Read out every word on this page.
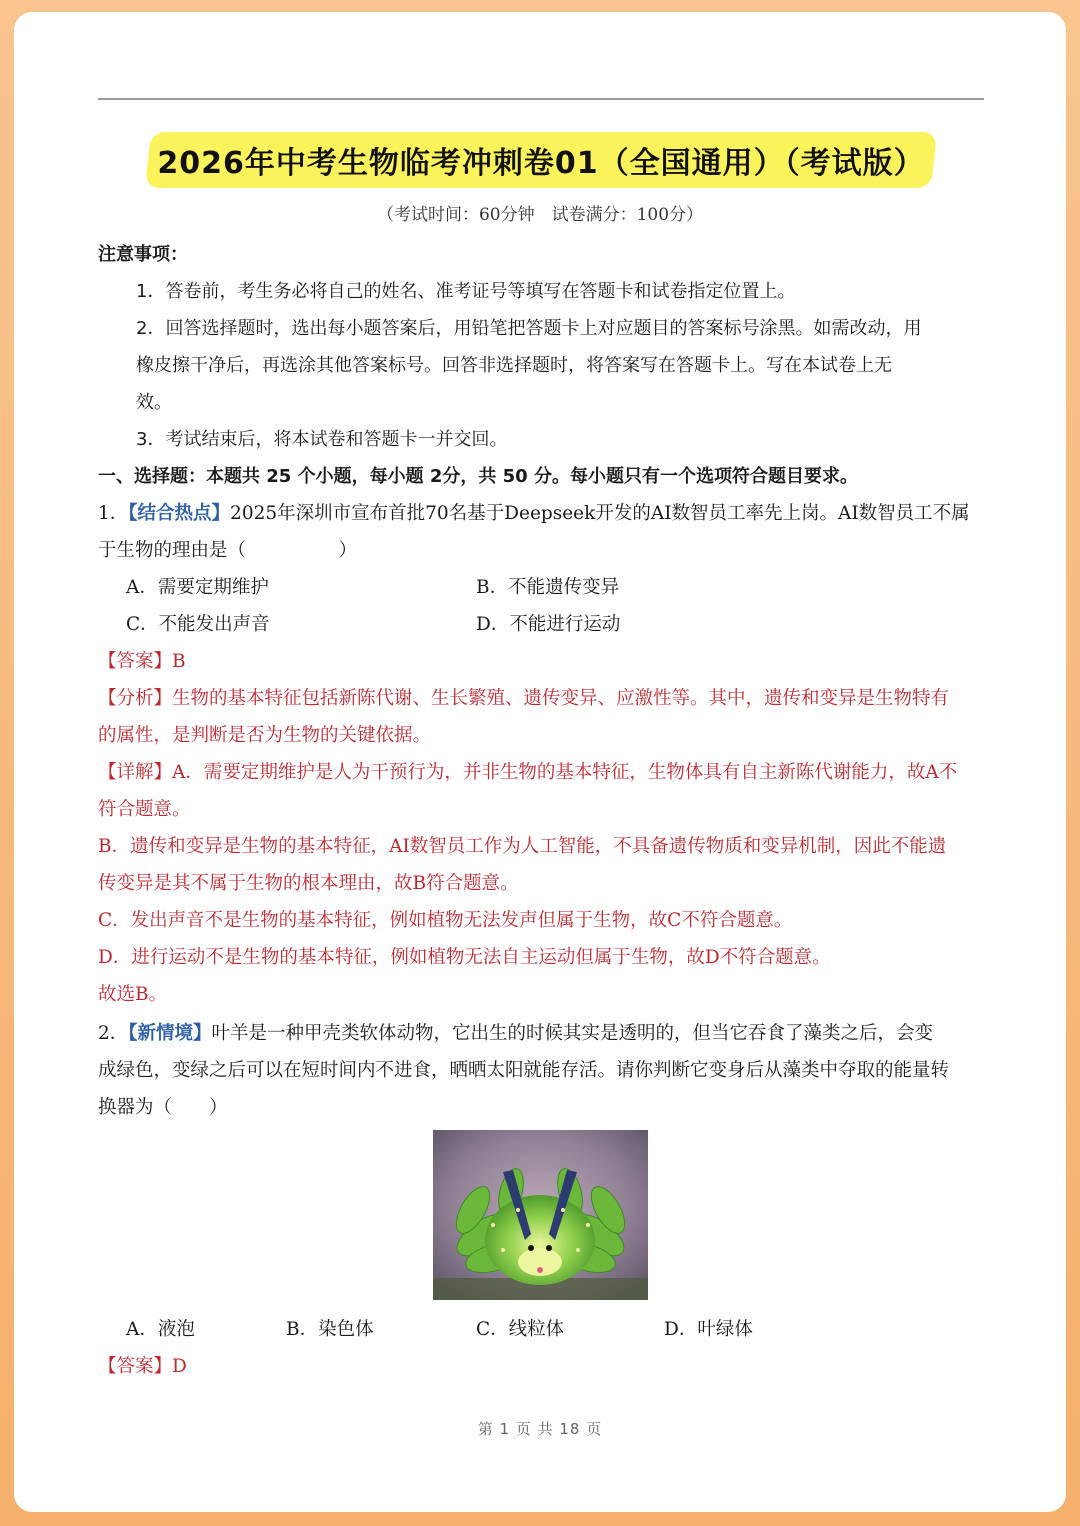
2026年中考生物临考冲刺卷01（全国通用）（考试版）
（考试时间：60分钟　试卷满分：100分）
注意事项：
1．答卷前，考生务必将自己的姓名、准考证号等填写在答题卡和试卷指定位置上。
2．回答选择题时，选出每小题答案后，用铅笔把答题卡上对应题目的答案标号涂黑。如需改动，用
橡皮擦干净后，再选涂其他答案标号。回答非选择题时，将答案写在答题卡上。写在本试卷上无
效。
3．考试结束后，将本试卷和答题卡一并交回。
一、选择题：本题共 25 个小题，每小题 2分，共 50 分。每小题只有一个选项符合题目要求。
1．【结合热点】2025年深圳市宣布首批70名基于Deepseek开发的AI数智员工率先上岗。AI数智员工不属
于生物的理由是（　　　　　）
A．需要定期维护	B．不能遗传变异
C．不能发出声音	D．不能进行运动
【答案】B
【分析】生物的基本特征包括新陈代谢、生长繁殖、遗传变异、应激性等。其中，遗传和变异是生物特有
的属性，是判断是否为生物的关键依据。
【详解】A．需要定期维护是人为干预行为，并非生物的基本特征，生物体具有自主新陈代谢能力，故A不
符合题意。
B．遗传和变异是生物的基本特征，AI数智员工作为人工智能，不具备遗传物质和变异机制，因此不能遗
传变异是其不属于生物的根本理由，故B符合题意。
C．发出声音不是生物的基本特征，例如植物无法发声但属于生物，故C不符合题意。
D．进行运动不是生物的基本特征，例如植物无法自主运动但属于生物，故D不符合题意。
故选B。
2．【新情境】叶羊是一种甲壳类软体动物，它出生的时候其实是透明的，但当它吞食了藻类之后，会变
成绿色，变绿之后可以在短时间内不进食，晒晒太阳就能存活。请你判断它变身后从藻类中夺取的能量转
换器为（　　）
A．液泡	B．染色体	C．线粒体	D．叶绿体
【答案】D
第 1 页 共 18 页
